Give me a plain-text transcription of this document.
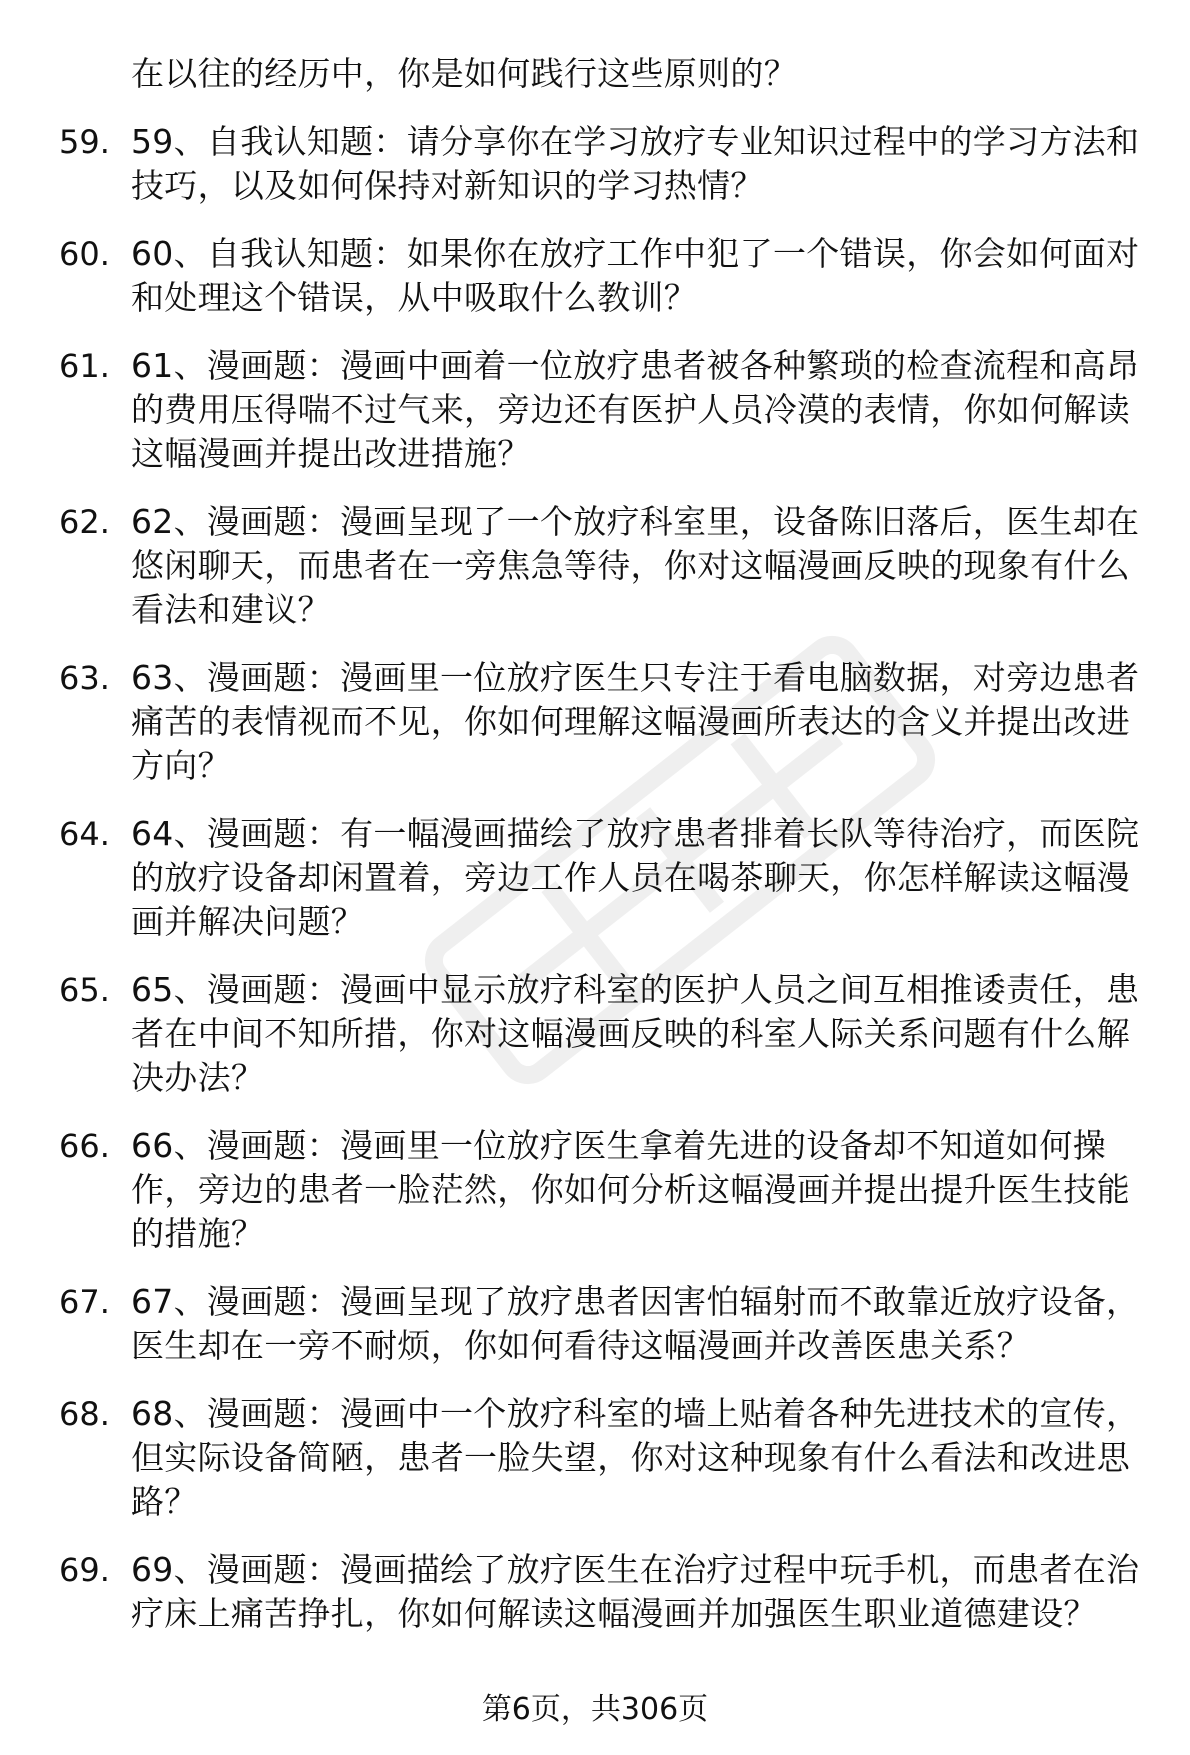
在以往的经历中，你是如何践行这些原则的？

59. 59、自我认知题：请分享你在学习放疗专业知识过程中的学习方法和技巧，以及如何保持对新知识的学习热情？
60. 60、自我认知题：如果你在放疗工作中犯了一个错误，你会如何面对和处理这个错误，从中吸取什么教训？
61. 61、漫画题：漫画中画着一位放疗患者被各种繁琐的检查流程和高昂的费用压得喘不过气来，旁边还有医护人员冷漠的表情，你如何解读这幅漫画并提出改进措施？
62. 62、漫画题：漫画呈现了一个放疗科室里，设备陈旧落后，医生却在悠闲聊天，而患者在一旁焦急等待，你对这幅漫画反映的现象有什么看法和建议？
63. 63、漫画题：漫画里一位放疗医生只专注于看电脑数据，对旁边患者痛苦的表情视而不见，你如何理解这幅漫画所表达的含义并提出改进方向？
64. 64、漫画题：有一幅漫画描绘了放疗患者排着长队等待治疗，而医院的放疗设备却闲置着，旁边工作人员在喝茶聊天，你怎样解读这幅漫画并解决问题？
65. 65、漫画题：漫画中显示放疗科室的医护人员之间互相推诿责任，患者在中间不知所措，你对这幅漫画反映的科室人际关系问题有什么解决办法？
66. 66、漫画题：漫画里一位放疗医生拿着先进的设备却不知道如何操作，旁边的患者一脸茫然，你如何分析这幅漫画并提出提升医生技能的措施？
67. 67、漫画题：漫画呈现了放疗患者因害怕辐射而不敢靠近放疗设备，医生却在一旁不耐烦，你如何看待这幅漫画并改善医患关系？
68. 68、漫画题：漫画中一个放疗科室的墙上贴着各种先进技术的宣传，但实际设备简陋，患者一脸失望，你对这种现象有什么看法和改进思路？
69. 69、漫画题：漫画描绘了放疗医生在治疗过程中玩手机，而患者在治疗床上痛苦挣扎，你如何解读这幅漫画并加强医生职业道德建设？
第6页，共306页
